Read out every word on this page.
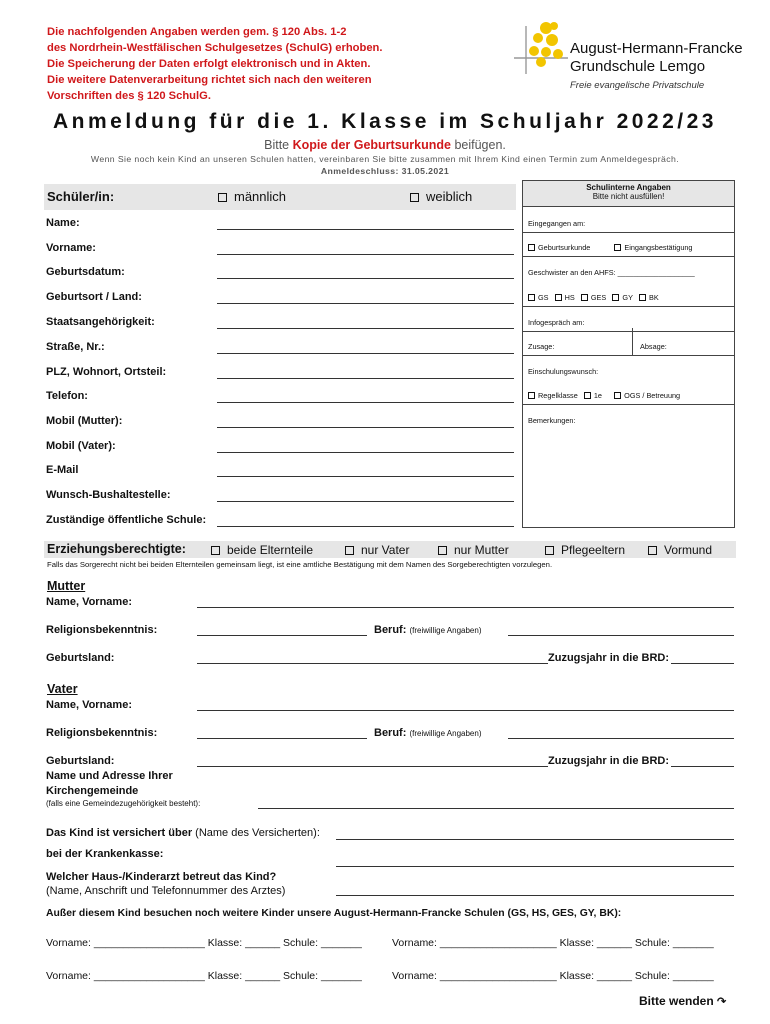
Die nachfolgenden Angaben werden gem. § 120 Abs. 1-2
des Nordrhein-Westfälischen Schulgesetzes (SchulG) erhoben.
Die Speicherung der Daten erfolgt elektronisch und in Akten.
Die weitere Datenverarbeitung richtet sich nach den weiteren
Vorschriften des § 120 SchulG.
August-Hermann-Francke
Grundschule Lemgo
Freie evangelische Privatschule
Anmeldung für die 1. Klasse im Schuljahr 2022/23
Bitte Kopie der Geburtsurkunde beifügen.
Wenn Sie noch kein Kind an unseren Schulen hatten, vereinbaren Sie bitte zusammen mit Ihrem Kind einen Termin zum Anmeldegespräch.
Anmeldeschluss: 31.05.2021
Schüler/in:	männlich	weiblich
Name:
Vorname:
Geburtsdatum:
Geburtsort / Land:
Staatsangehörigkeit:
Straße, Nr.:
PLZ, Wohnort, Ortsteil:
Telefon:
Mobil (Mutter):
Mobil (Vater):
E-Mail
Wunsch-Bushaltestelle:
Zuständige öffentliche Schule:
Schulinterne Angaben
Bitte nicht ausfüllen!
Eingegangen am:
Geburtsurkunde	Eingangsbestätigung
Geschwister an den AHFS: ___________________
GS HS GES GY BK
Infogespräch am:
Zusage:	Absage:
Einschulungswunsch:
Regelklasse 1e	OGS / Betreuung
Bemerkungen:
Erziehungsberechtigte:	beide Elternteile	nur Vater	nur Mutter	Pflegeeltern	Vormund
Falls das Sorgerecht nicht bei beiden Elternteilen gemeinsam liegt, ist eine amtliche Bestätigung mit dem Namen des Sorgeberechtigten vorzulegen.
Mutter
Name, Vorname:
Religionsbekenntnis:	Beruf: (freiwillige Angaben)
Geburtsland:	Zuzugsjahr in die BRD:
Vater
Name, Vorname:
Religionsbekenntnis:	Beruf: (freiwillige Angaben)
Geburtsland:	Zuzugsjahr in die BRD:
Name und Adresse Ihrer
Kirchengemeinde
(falls eine Gemeindezugehörigkeit besteht):
Das Kind ist versichert über (Name des Versicherten):
bei der Krankenkasse:
Welcher Haus-/Kinderarzt betreut das Kind?
(Name, Anschrift und Telefonnummer des Arztes)
Außer diesem Kind besuchen noch weitere Kinder unsere August-Hermann-Francke Schulen (GS, HS, GES, GY, BK):
Vorname: ___________________ Klasse: ______ Schule: _______	Vorname: ____________________ Klasse: ______ Schule: _______
Vorname: ___________________ Klasse: ______ Schule: _______	Vorname: ____________________ Klasse: ______ Schule: _______
Bitte wenden ↷
